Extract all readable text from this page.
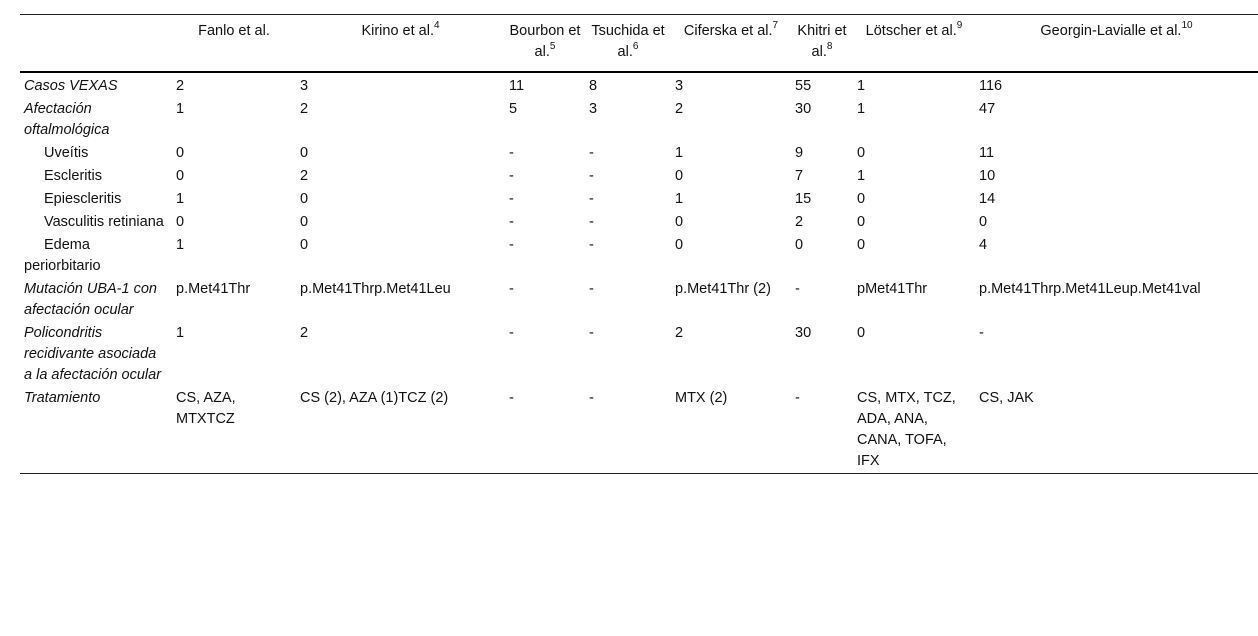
	Fanlo et al.	Kirino et al.$^4$	Bourbon et al.$^5$	Tsuchida et al.$^6$	Ciferska et al.$^7$	Khitri et al.$^8$	Lötscher et al.$^9$	Georgin-Lavialle et al.$^{10}$
Casos VEXAS	2	3	11	8	3	55	1	116
Afectación oftalmológica	1	2	5	3	2	30	1	47
Uveítis	0	0	-	-	1	9	0	11
Escleritis	0	2	-	-	0	7	1	10
Epiescleritis	1	0	-	-	1	15	0	14
Vasculitis retiniana	0	0	-	-	0	2	0	0
Edema periorbitario	1	0	-	-	0	0	0	4
Mutación UBA-1 con afectación ocular	p.Met41Thr	p.Met41Thrp.Met41Leu	-	-	p.Met41Thr (2)	-	pMet41Thr	p.Met41Thrp.Met41Leup.Met41val
Policondritis recidivante asociada a la afectación ocular	1	2	-	-	2	30	0	-
Tratamiento	CS, AZA, MTXTCZ	CS (2), AZA (1)TCZ (2)	-	-	MTX (2)	-	CS, MTX, TCZ, ADA, ANA, CANA, TOFA, IFX	CS, JAK
